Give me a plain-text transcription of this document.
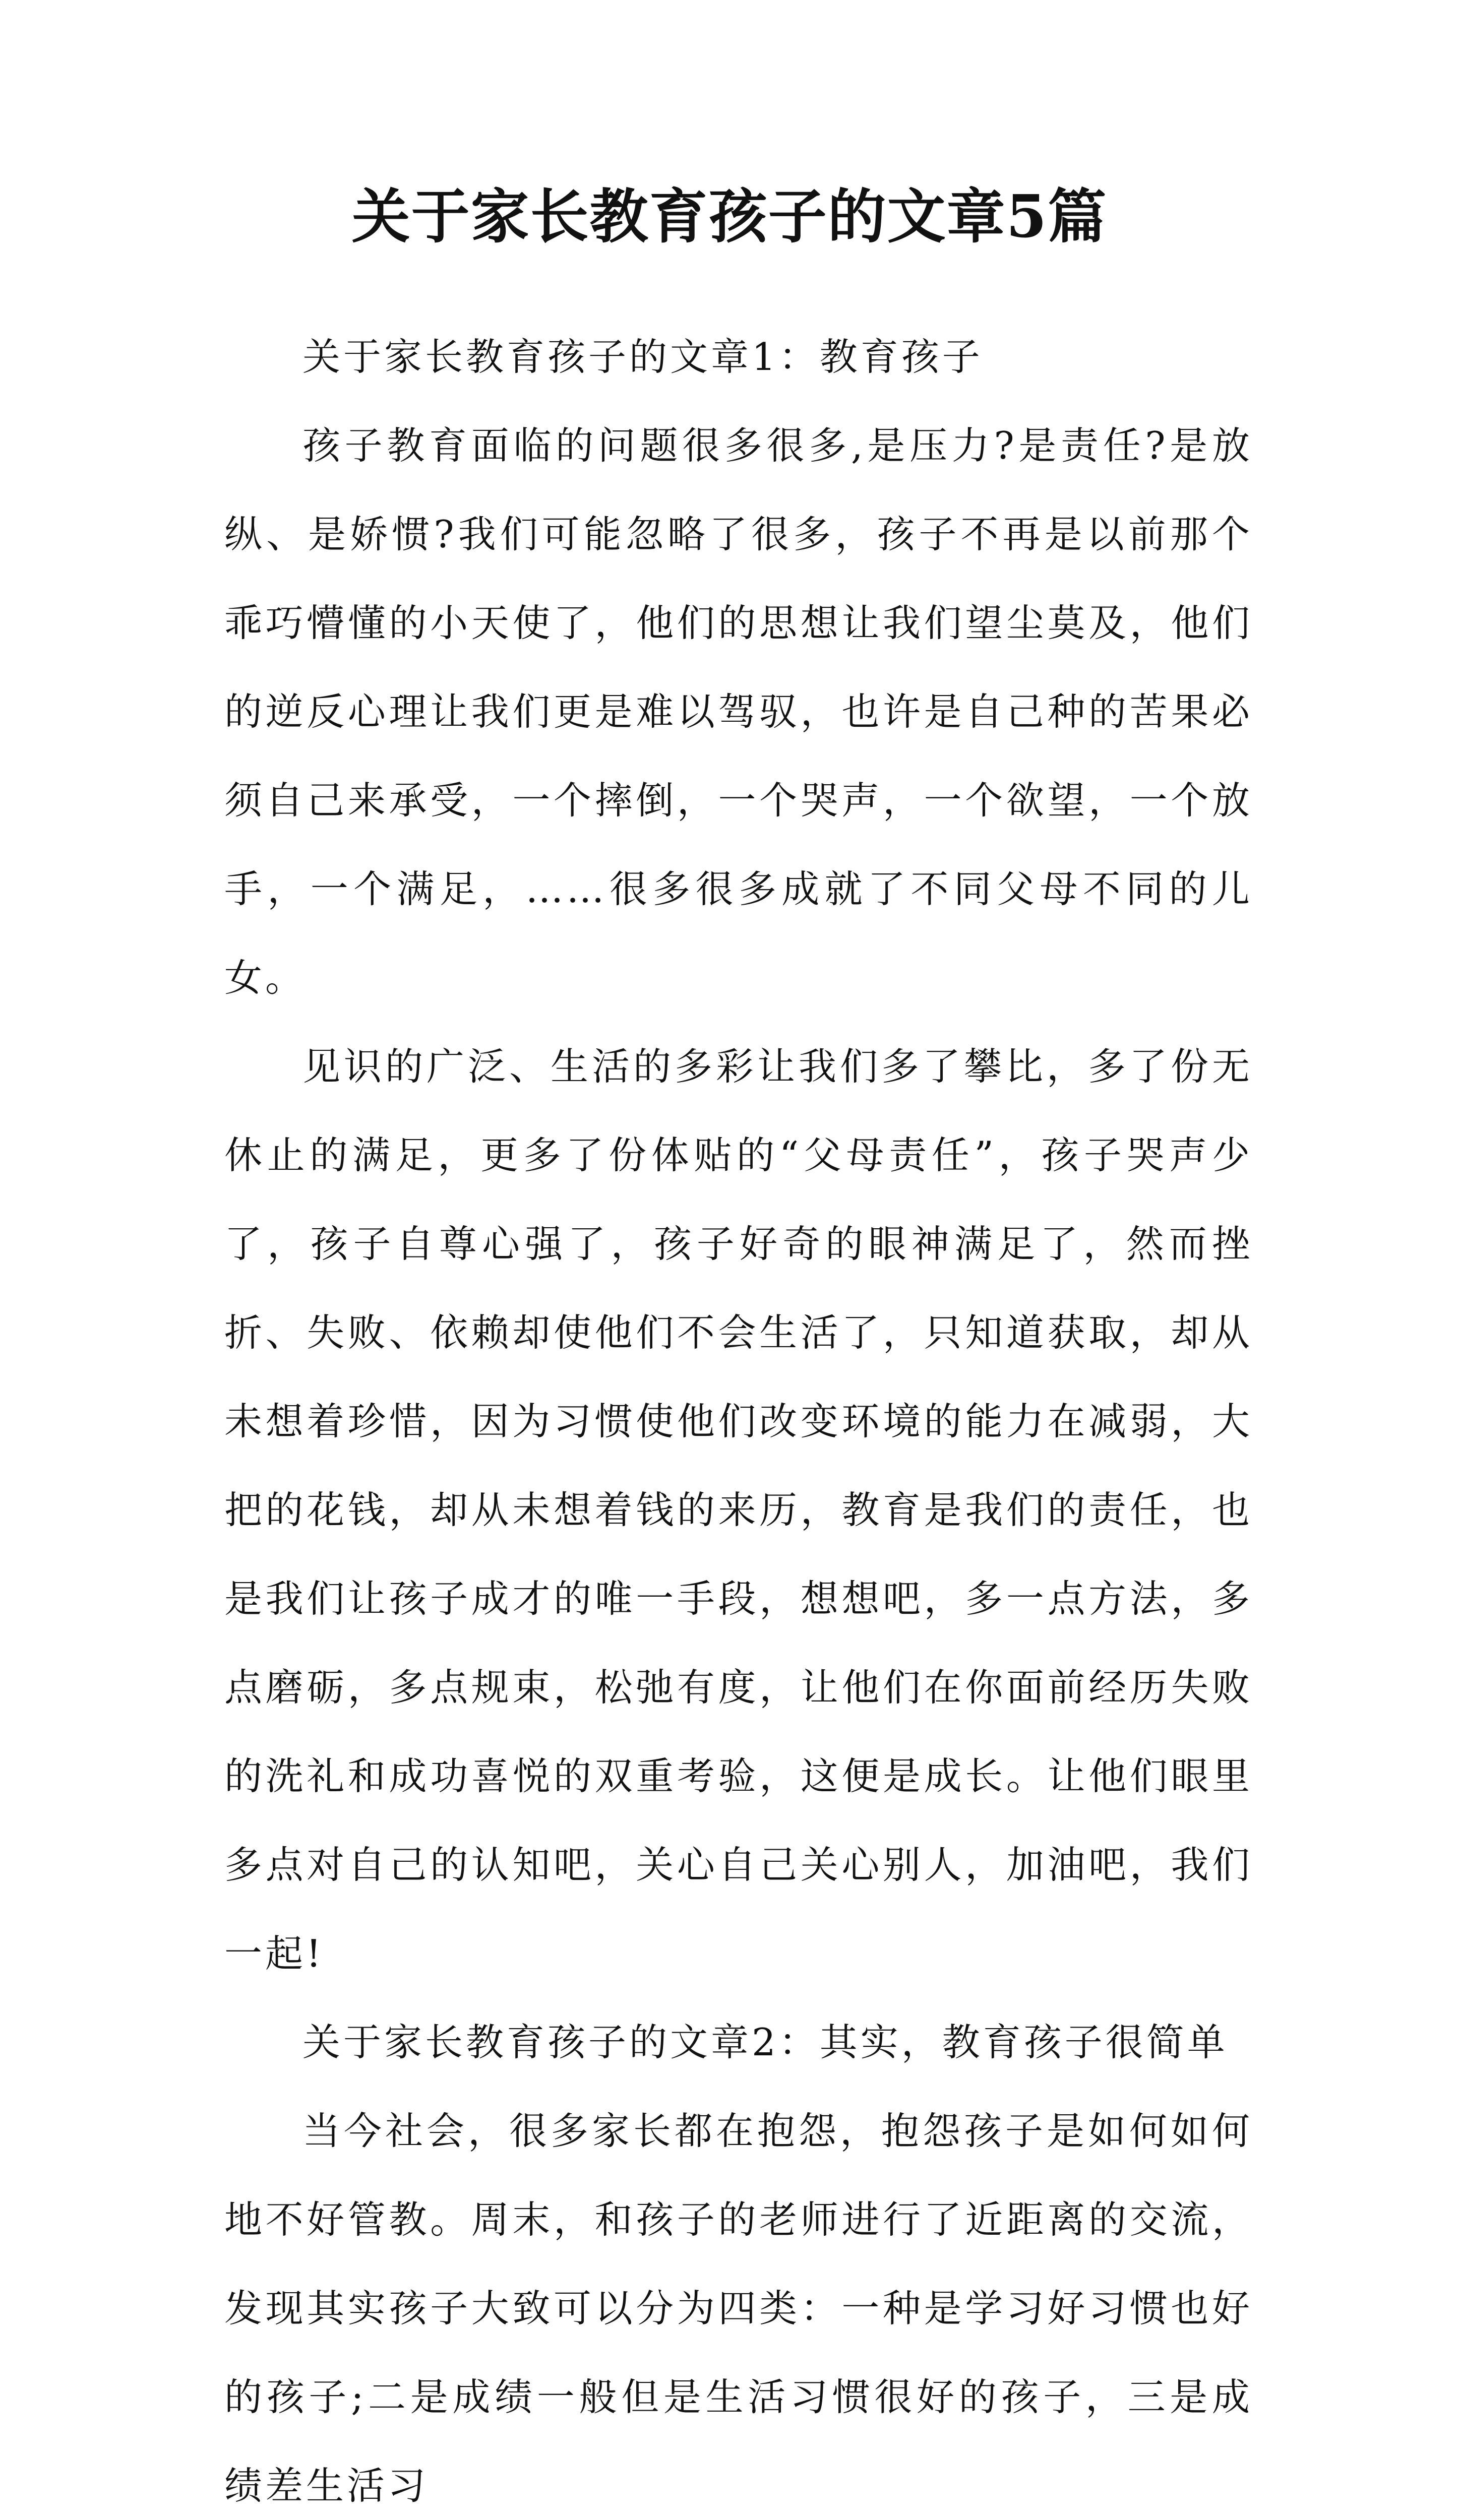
关于家长教育孩子的文章5篇

关于家长教育孩子的文章1：教育孩子

孩子教育面临的问题很多很多,是压力?是责任?是放纵、是娇惯?我们可能忽略了很多，孩子不再是以前那个乖巧懵懂的小天使了，他们的思想让我们望尘莫及，他们的逆反心理让我们更是难以驾驭，也许是自己种的苦果必须自己来承受，一个摔倒，一个哭声，一个欲望，一个放手，一个满足，……很多很多成就了不同父母不同的儿女。

见识的广泛、生活的多彩让我们多了攀比，多了份无休止的满足，更多了份体贴的“父母责任”，孩子哭声少了，孩子自尊心强了，孩子好奇的眼神满足了，然而挫折、失败、依赖却使他们不会生活了，只知道获取，却从未想着珍惜，因为习惯使他们改变环境的能力在减弱，大把的花钱，却从未想着钱的来历，教育是我们的责任，也是我们让孩子成才的唯一手段，想想吧，多一点方法，多点磨砺，多点规束，松弛有度，让他们在你面前经历失败的洗礼和成功喜悦的双重考验，这便是成长。让他们眼里多点对自己的认知吧，关心自己关心别人，加油吧，我们一起!

关于家长教育孩子的文章2：其实，教育孩子很简单

当今社会，很多家长都在抱怨，抱怨孩子是如何如何地不好管教。周末，和孩子的老师进行了近距离的交流，发现其实孩子大致可以分为四类：一种是学习好习惯也好的孩子;二是成绩一般但是生活习惯很好的孩子，三是成绩差生活习
